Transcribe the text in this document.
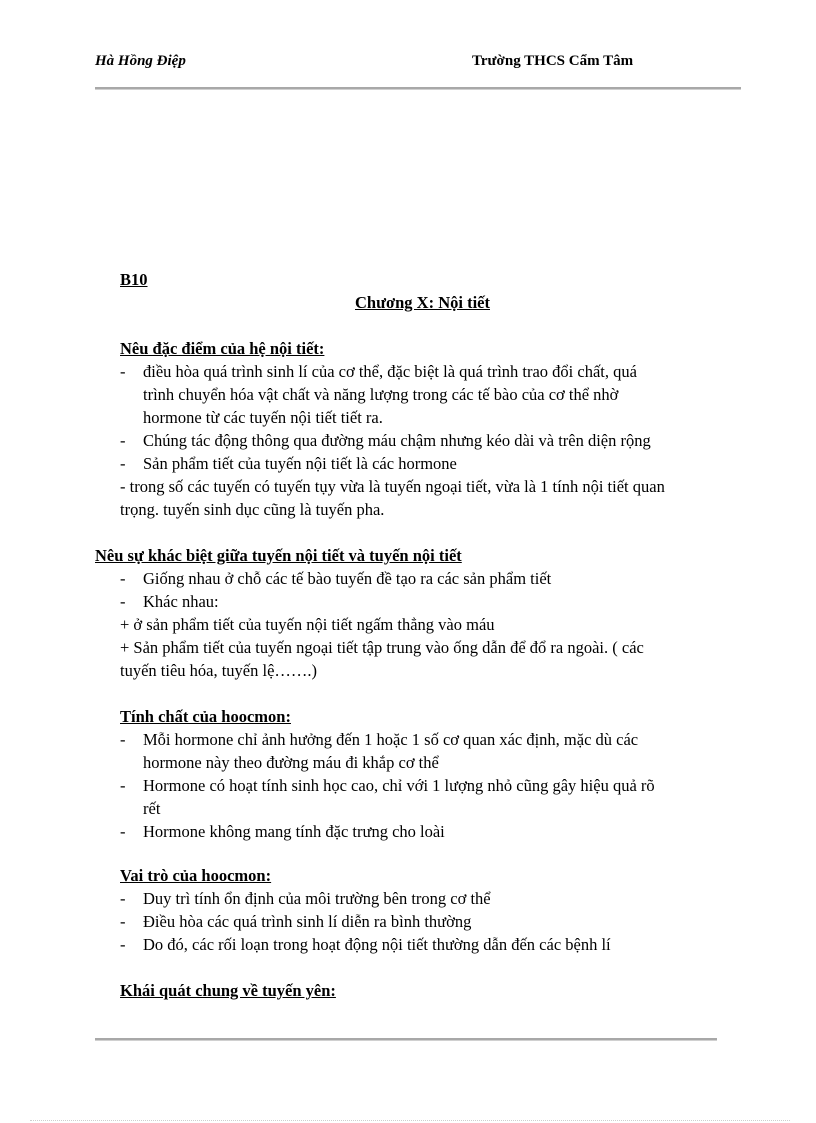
Hà Hồng Điệp	Trường THCS Cẩm Tâm
B10
Chương X: Nội tiết
Nêu đặc điểm của hệ nội tiết:
- điều hòa quá trình sinh lí của cơ thể, đặc biệt là quá trình trao đổi chất, quá
trình chuyển hóa vật chất và năng lượng trong các tế bào của cơ thể nhờ
hormone từ các tuyến nội tiết tiết ra.
- Chúng tác động thông qua đường máu chậm nhưng kéo dài và trên diện rộng
- Sản phẩm tiết của tuyến nội tiết là các hormone
- trong số các tuyến có tuyến tụy vừa là tuyến ngoại tiết, vừa là 1 tính nội tiết quan
trọng. tuyến sinh dục cũng là tuyến pha.
Nêu sự khác biệt giữa tuyến nội tiết và tuyến nội tiết
- Giống nhau ở chỗ các tế bào tuyến đề tạo ra các sản phẩm tiết
- Khác nhau:
+ ở sản phẩm tiết của tuyến nội tiết ngấm thẳng vào máu
+ Sản phẩm tiết của tuyến ngoại tiết tập trung vào ống dẫn để đổ ra ngoài. ( các
tuyến tiêu hóa, tuyến lệ…….)
Tính chất của hoocmon:
- Mỗi hormone chỉ ảnh hưởng đến 1 hoặc 1 số cơ quan xác định, mặc dù các
hormone này theo đường máu đi khắp cơ thể
- Hormone có hoạt tính sinh học cao, chỉ với 1 lượng nhỏ cũng gây hiệu quả rõ
rết
- Hormone không mang tính đặc trưng cho loài
Vai trò của hoocmon:
- Duy trì tính ổn định của môi trường bên trong cơ thể
- Điều hòa các quá trình sinh lí diễn ra bình thường
- Do đó, các rối loạn trong hoạt động nội tiết thường dẫn đến các bệnh lí
Khái quát chung về tuyến yên:
